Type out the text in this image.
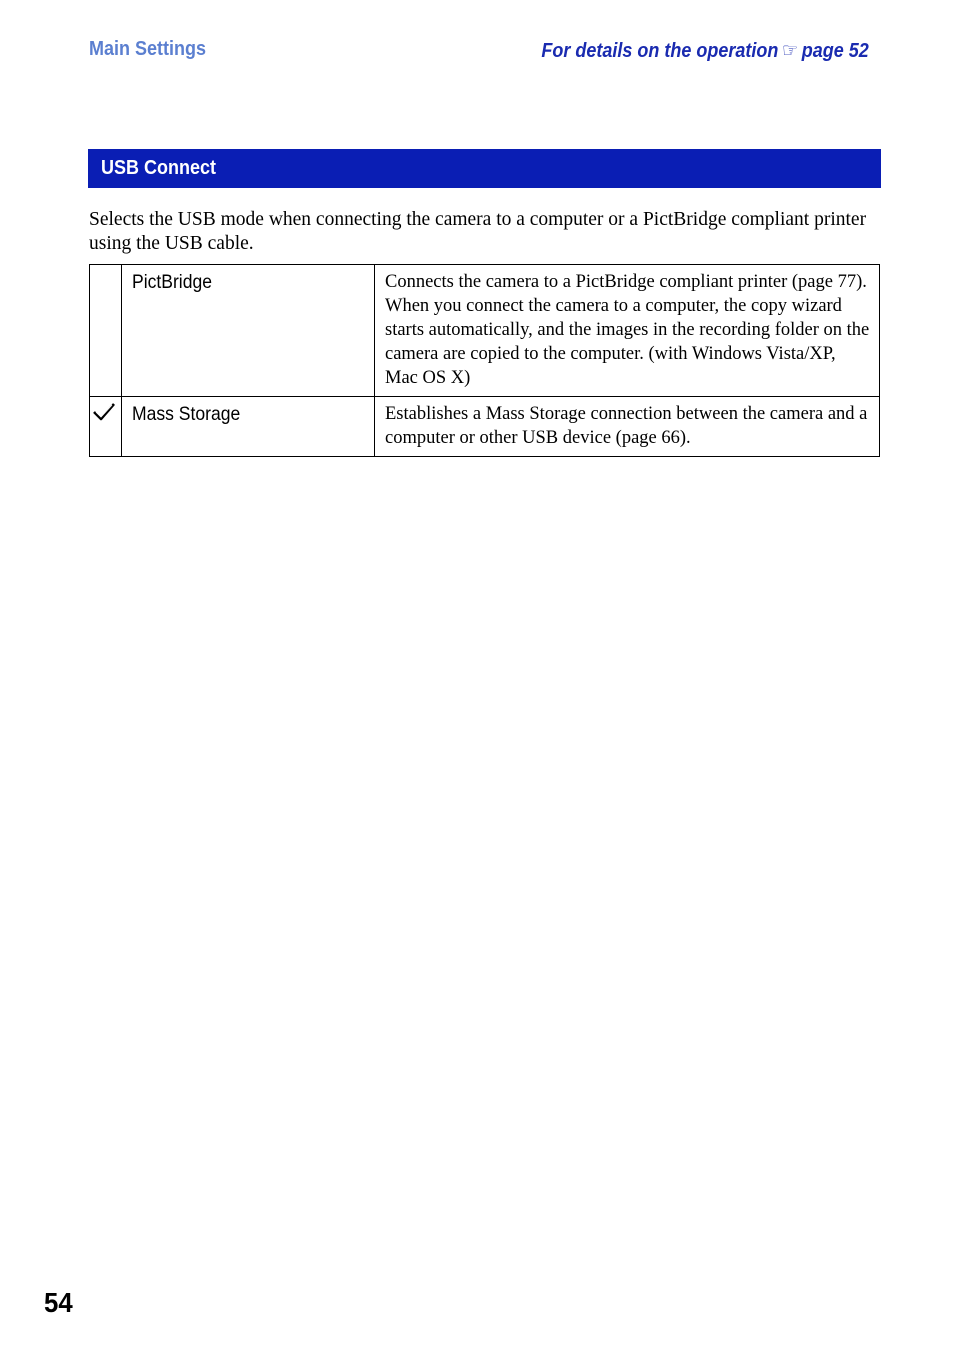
Main Settings	For details on the operation ☞ page 52
USB Connect
Selects the USB mode when connecting the camera to a computer or a PictBridge compliant printer using the USB cable.
	PictBridge	Connects the camera to a PictBridge compliant printer (page 77). When you connect the camera to a computer, the copy wizard starts automatically, and the images in the recording folder on the camera are copied to the computer. (with Windows Vista/XP, Mac OS X)
	Mass Storage	Establishes a Mass Storage connection between the camera and a computer or other USB device (page 66).
54
